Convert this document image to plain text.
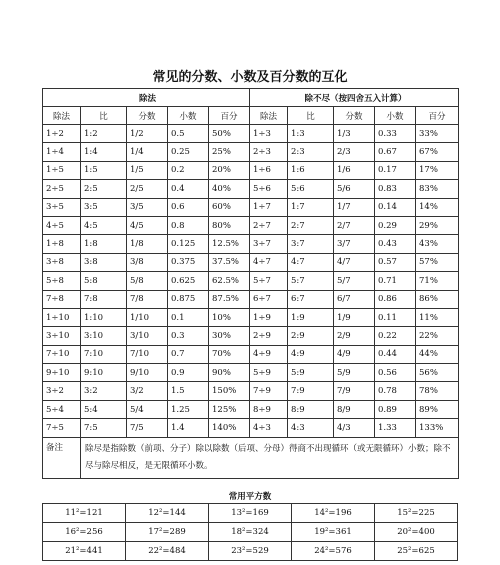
常见的分数、小数及百分数的互化
除法					除不尽（按四舍五入计算）				
除法	比	分数	小数	百分	除法	比	分数	小数	百分
1÷2	1:2	1/2	0.5	50%	1÷3	1:3	1/3	0.33	33%
1÷4	1:4	1/4	0.25	25%	2÷3	2:3	2/3	0.67	67%
1÷5	1:5	1/5	0.2	20%	1÷6	1:6	1/6	0.17	17%
2÷5	2:5	2/5	0.4	40%	5÷6	5:6	5/6	0.83	83%
3÷5	3:5	3/5	0.6	60%	1÷7	1:7	1/7	0.14	14%
4÷5	4:5	4/5	0.8	80%	2÷7	2:7	2/7	0.29	29%
1÷8	1:8	1/8	0.125	12.5%	3÷7	3:7	3/7	0.43	43%
3÷8	3:8	3/8	0.375	37.5%	4÷7	4:7	4/7	0.57	57%
5÷8	5:8	5/8	0.625	62.5%	5÷7	5:7	5/7	0.71	71%
7÷8	7:8	7/8	0.875	87.5%	6÷7	6:7	6/7	0.86	86%
1÷10	1:10	1/10	0.1	10%	1÷9	1:9	1/9	0.11	11%
3÷10	3:10	3/10	0.3	30%	2÷9	2:9	2/9	0.22	22%
7÷10	7:10	7/10	0.7	70%	4÷9	4:9	4/9	0.44	44%
9÷10	9:10	9/10	0.9	90%	5÷9	5:9	5/9	0.56	56%
3÷2	3:2	3/2	1.5	150%	7÷9	7:9	7/9	0.78	78%
5÷4	5:4	5/4	1.25	125%	8÷9	8:9	8/9	0.89	89%
7÷5	7:5	7/5	1.4	140%	4÷3	4:3	4/3	1.33	133%
备注	除尽是指除数（前项、分子）除以除数（后项、分母）得商不出现循环（或无限循环）小数；除不尽与除尽相反，是无限循环小数。								
常用平方数
11²=121	12²=144	13²=169	14²=196	15²=225
16²=256	17²=289	18²=324	19²=361	20²=400
21²=441	22²=484	23²=529	24²=576	25²=625
